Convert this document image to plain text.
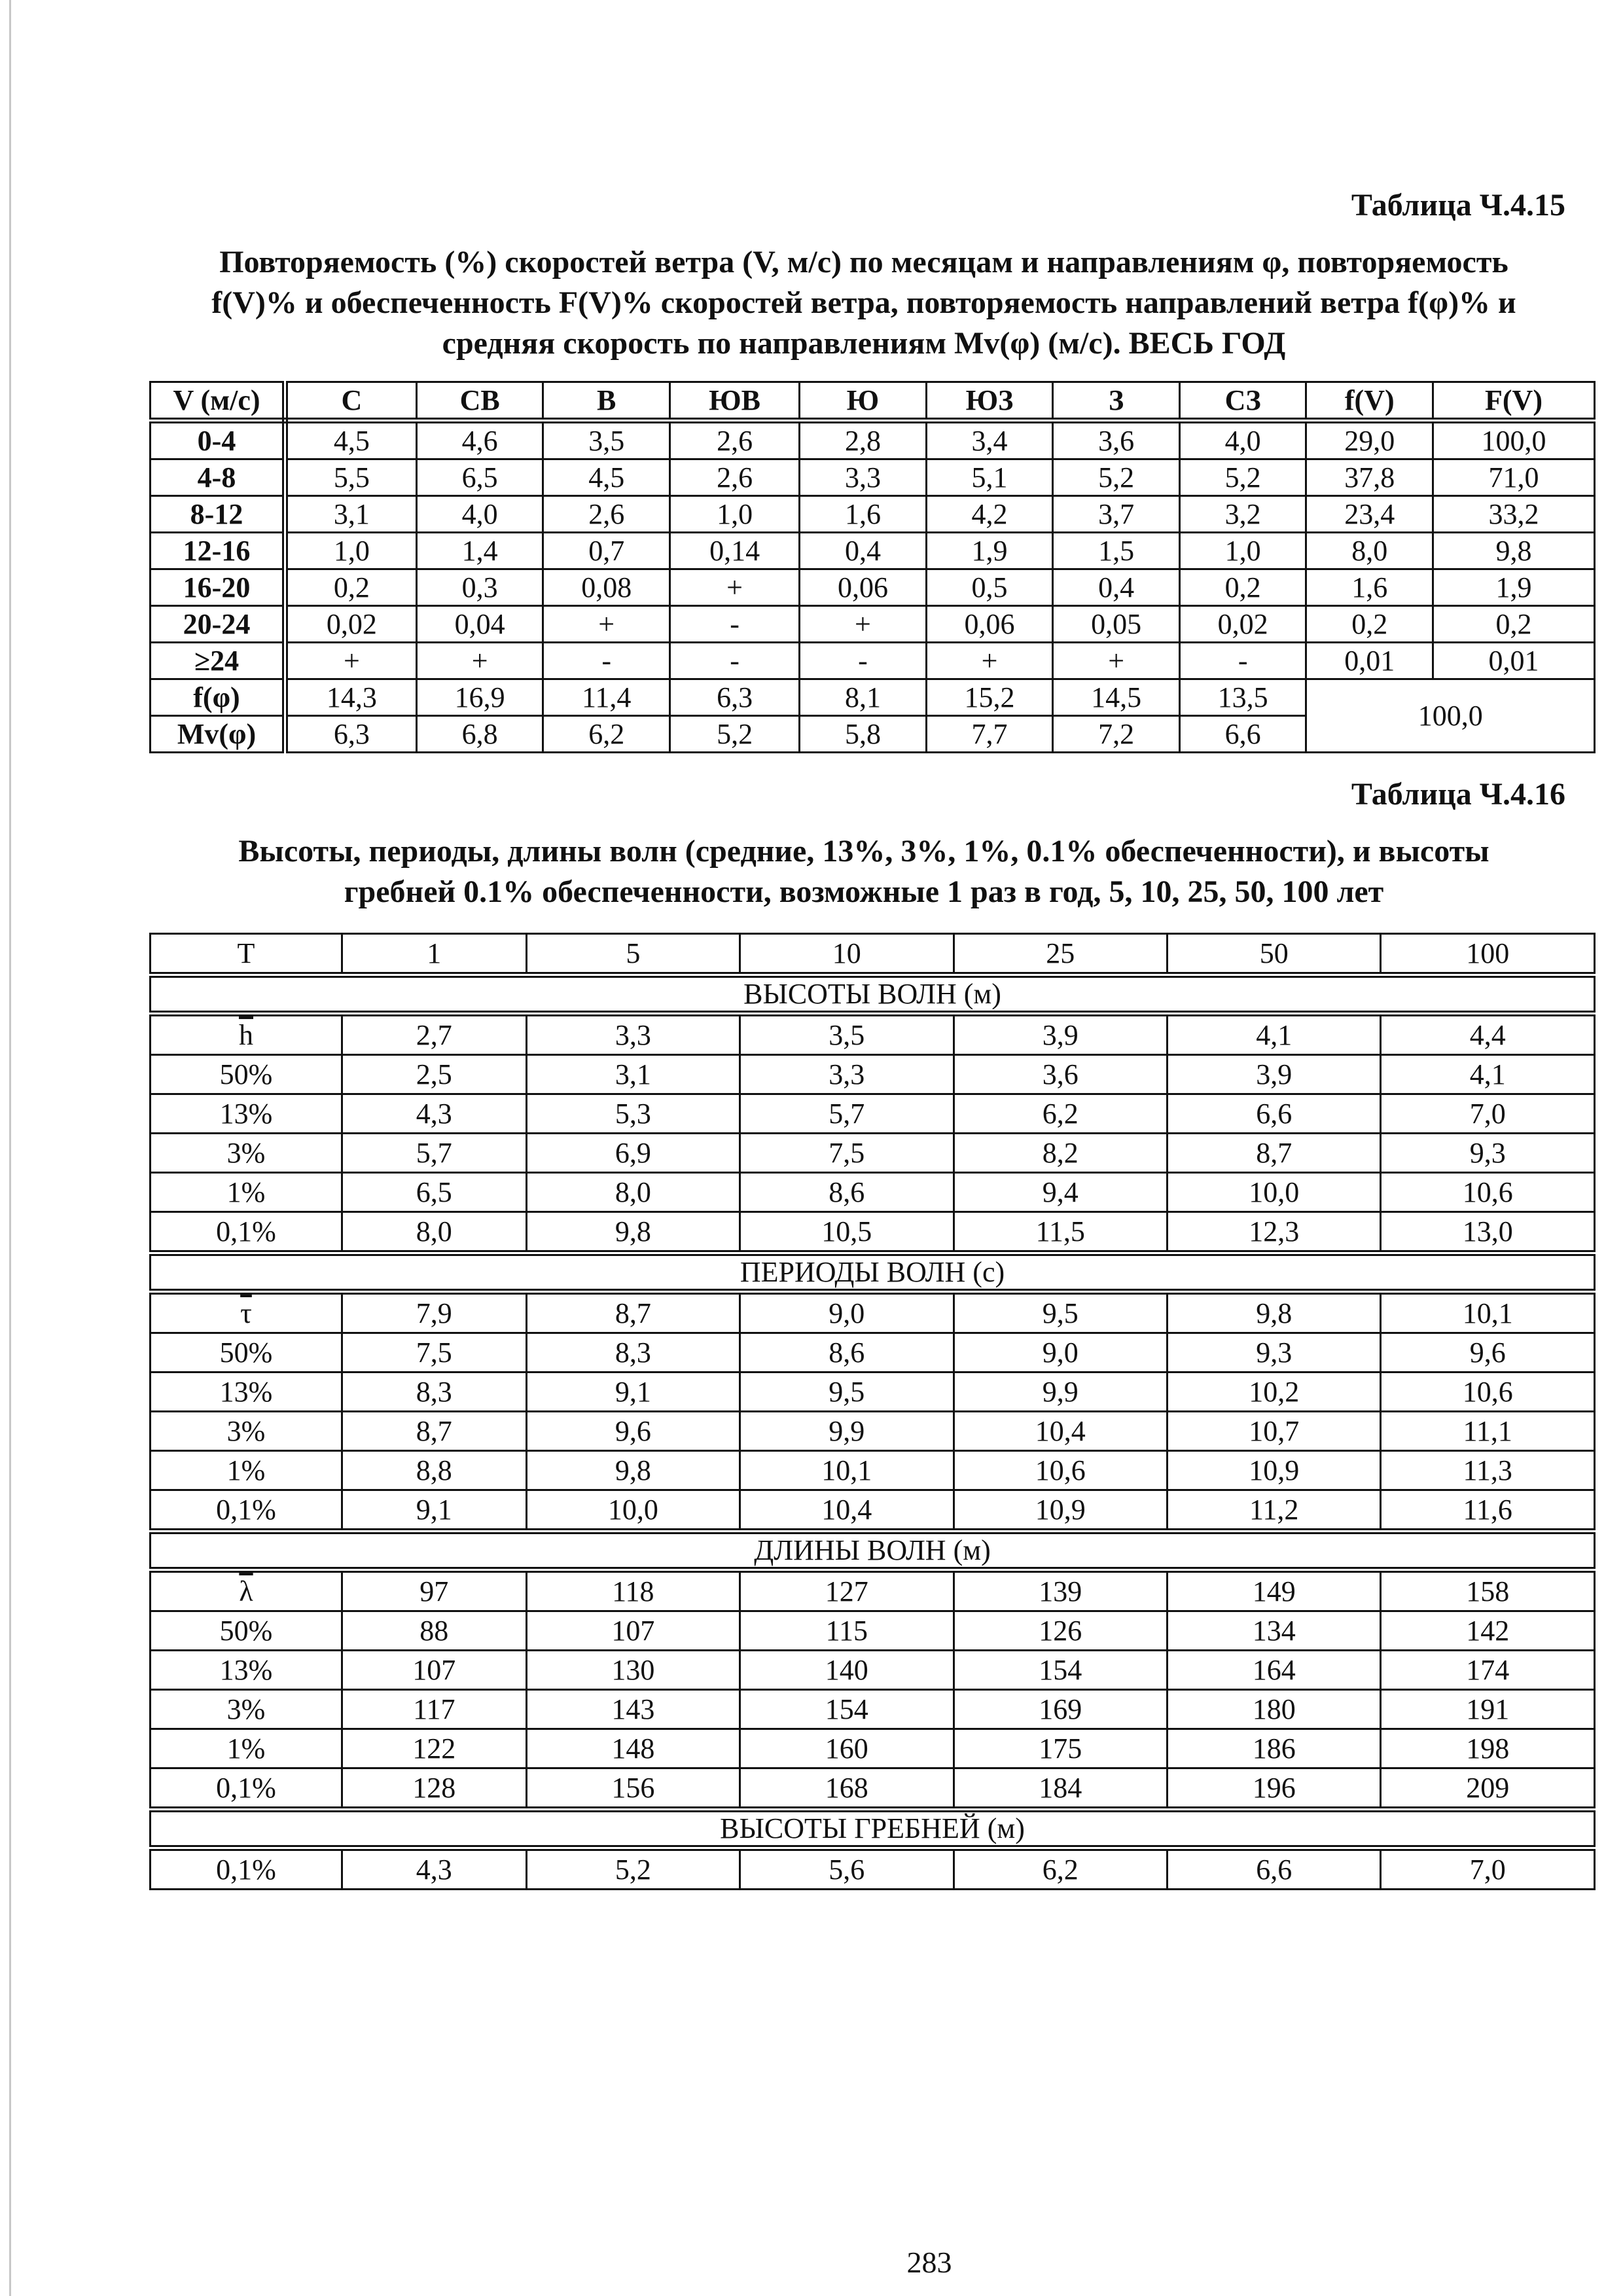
Таблица Ч.4.15
Повторяемость (%) скоростей ветра (V, м/с) по месяцам и направлениям φ, повторяемость
f(V)% и обеспеченность F(V)% скоростей ветра, повторяемость направлений ветра f(φ)% и
средняя скорость по направлениям Mv(φ) (м/с). ВЕСЬ ГОД
V (м/с)	С	СВ	В	ЮВ	Ю	ЮЗ	З	СЗ	f(V)	F(V)
0-4	4,5	4,6	3,5	2,6	2,8	3,4	3,6	4,0	29,0	100,0
4-8	5,5	6,5	4,5	2,6	3,3	5,1	5,2	5,2	37,8	71,0
8-12	3,1	4,0	2,6	1,0	1,6	4,2	3,7	3,2	23,4	33,2
12-16	1,0	1,4	0,7	0,14	0,4	1,9	1,5	1,0	8,0	9,8
16-20	0,2	0,3	0,08	+	0,06	0,5	0,4	0,2	1,6	1,9
20-24	0,02	0,04	+	-	+	0,06	0,05	0,02	0,2	0,2
≥24	+	+	-	-	-	+	+	-	0,01	0,01
f(φ)	14,3	16,9	11,4	6,3	8,1	15,2	14,5	13,5	100,0	
Mv(φ)	6,3	6,8	6,2	5,2	5,8	7,7	7,2	6,6		
Таблица Ч.4.16
Высоты, периоды, длины волн (средние, 13%, 3%, 1%, 0.1% обеспеченности), и высоты
гребней 0.1% обеспеченности, возможные 1 раз в год, 5, 10, 25, 50, 100 лет
T	1	5	10	25	50	100
ВЫСОТЫ ВОЛН (м)						
$\overline{h}$	2,7	3,3	3,5	3,9	4,1	4,4
50%	2,5	3,1	3,3	3,6	3,9	4,1
13%	4,3	5,3	5,7	6,2	6,6	7,0
3%	5,7	6,9	7,5	8,2	8,7	9,3
1%	6,5	8,0	8,6	9,4	10,0	10,6
0,1%	8,0	9,8	10,5	11,5	12,3	13,0
ПЕРИОДЫ ВОЛН (с)						
$\overline{\tau}$	7,9	8,7	9,0	9,5	9,8	10,1
50%	7,5	8,3	8,6	9,0	9,3	9,6
13%	8,3	9,1	9,5	9,9	10,2	10,6
3%	8,7	9,6	9,9	10,4	10,7	11,1
1%	8,8	9,8	10,1	10,6	10,9	11,3
0,1%	9,1	10,0	10,4	10,9	11,2	11,6
ДЛИНЫ ВОЛН (м)						
$\overline{\lambda}$	97	118	127	139	149	158
50%	88	107	115	126	134	142
13%	107	130	140	154	164	174
3%	117	143	154	169	180	191
1%	122	148	160	175	186	198
0,1%	128	156	168	184	196	209
ВЫСОТЫ ГРЕБНЕЙ (м)						
0,1%	4,3	5,2	5,6	6,2	6,6	7,0
283
